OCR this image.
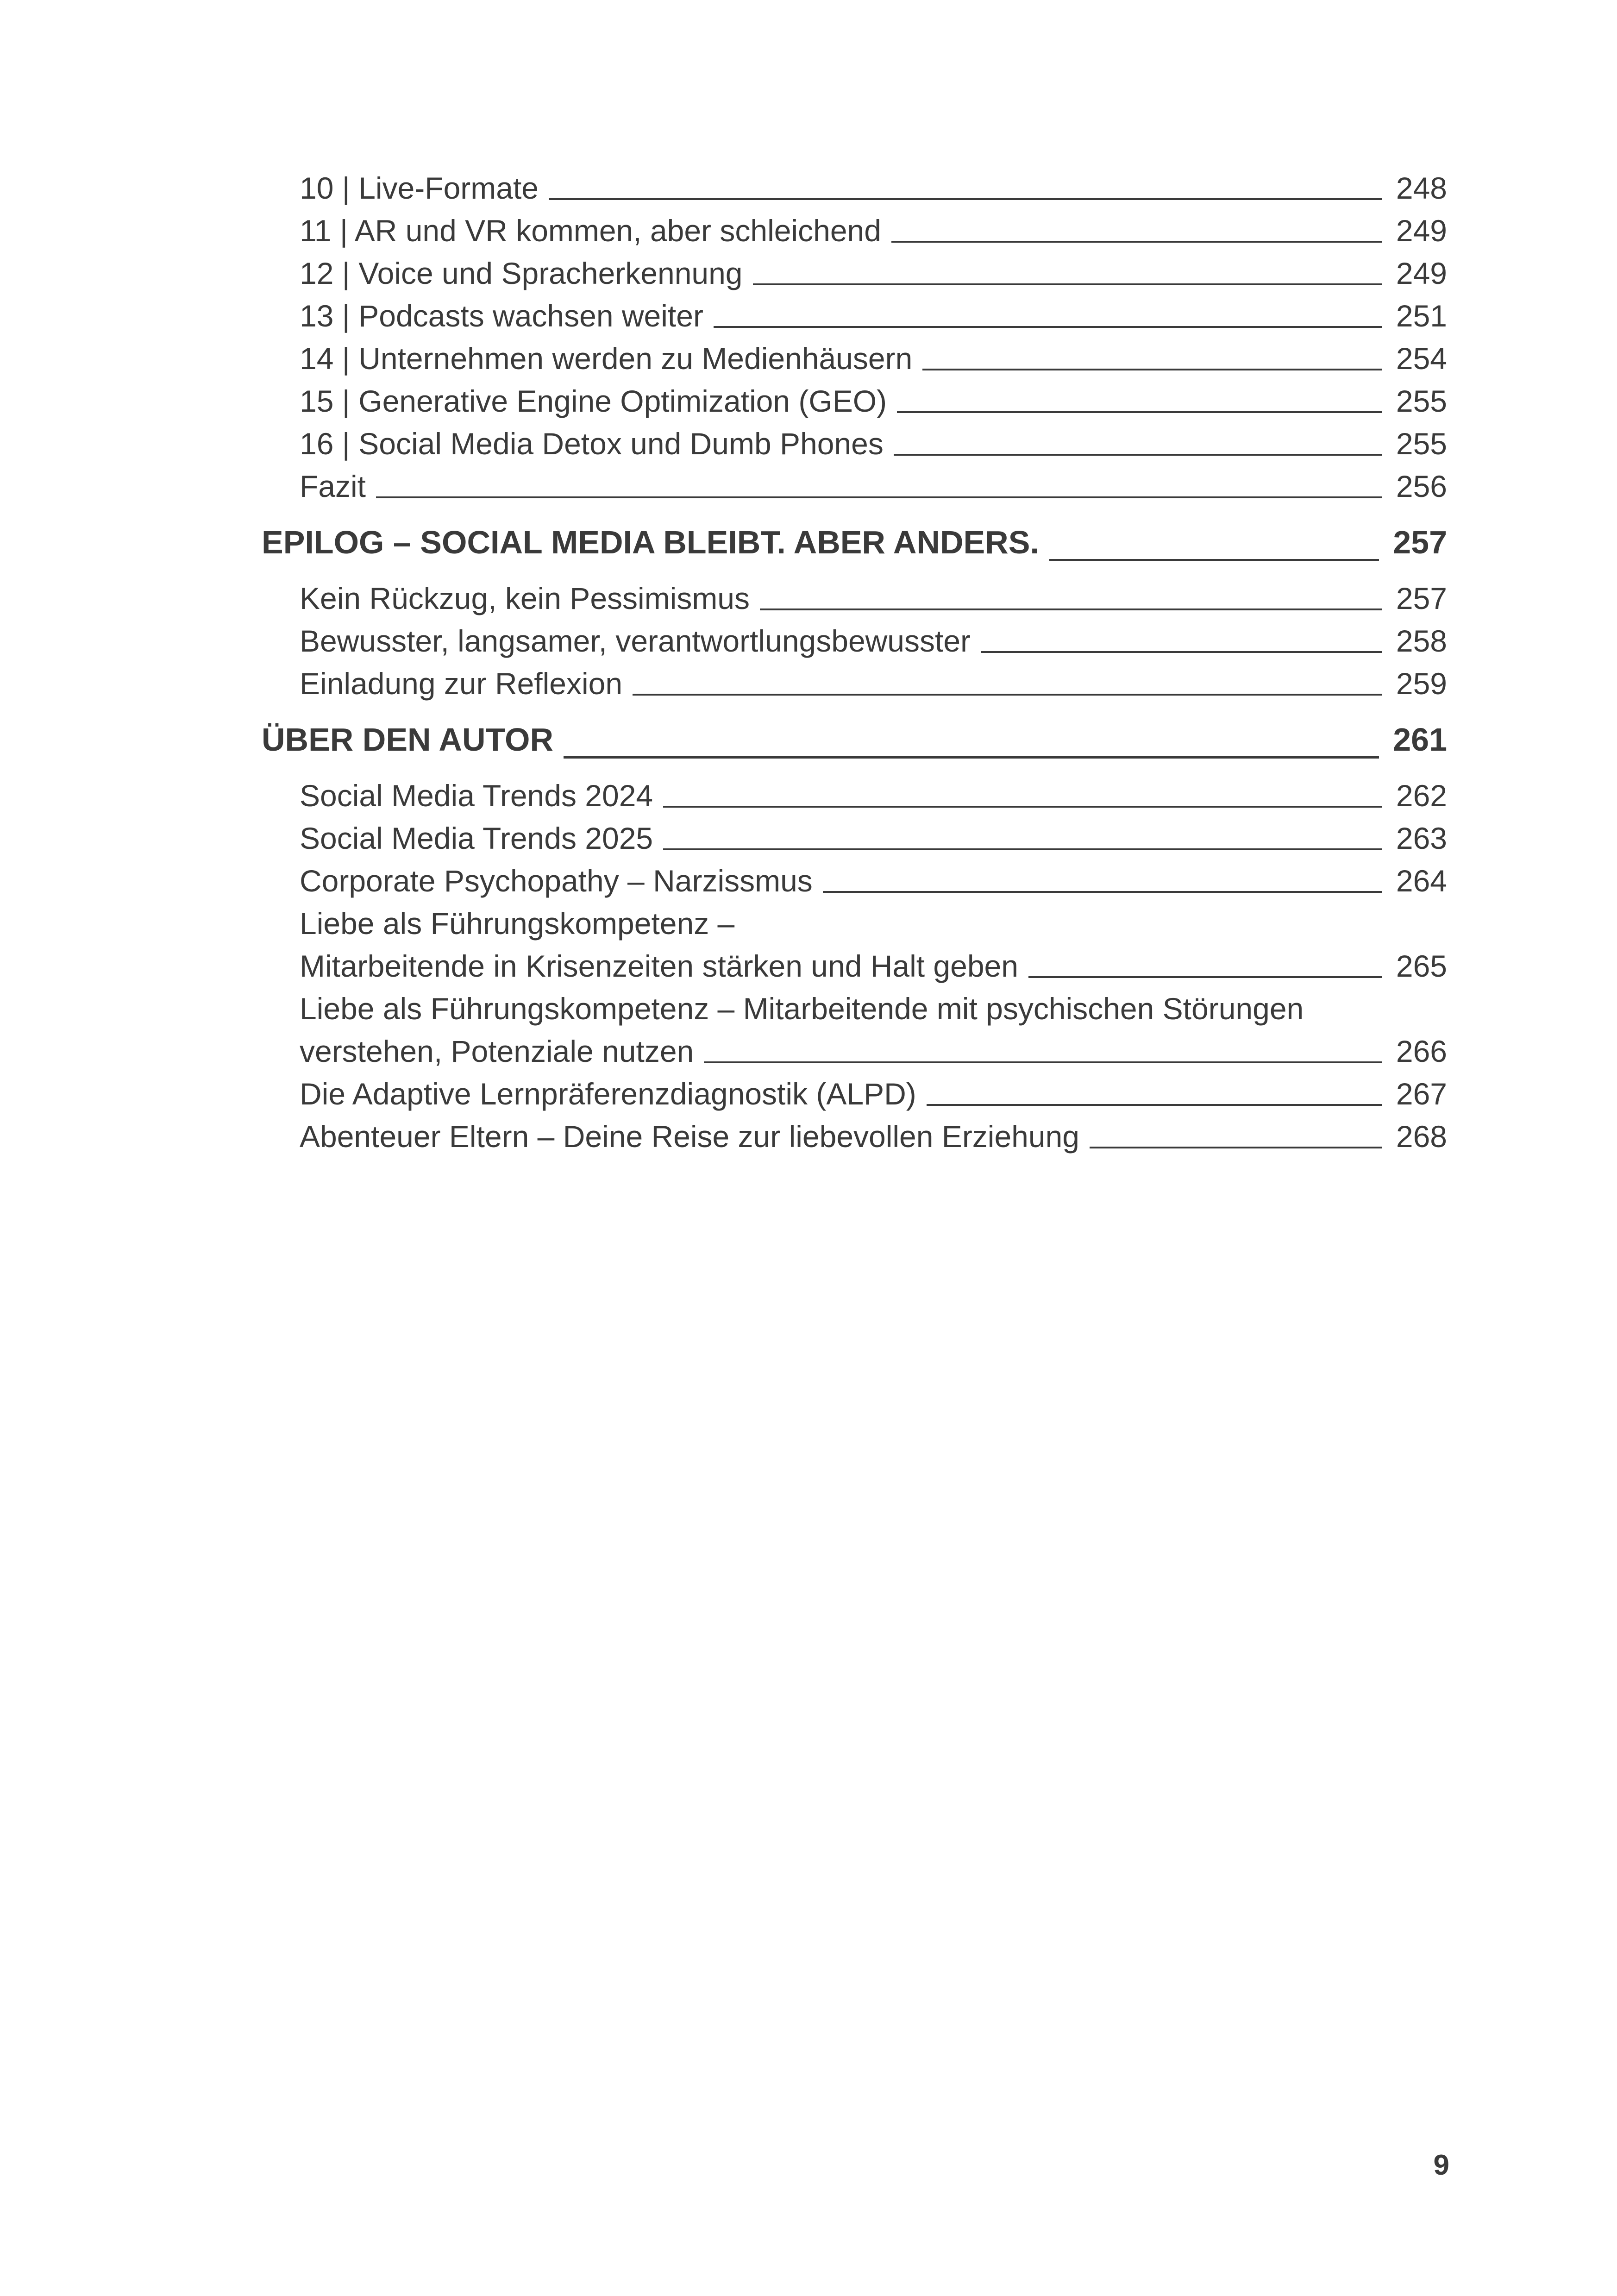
10 | Live-Formate	248
11 | AR und VR kommen, aber schleichend	249
12 | Voice und Spracherkennung	249
13 | Podcasts wachsen weiter	251
14 | Unternehmen werden zu Medienhäusern	254
15 | Generative Engine Optimization (GEO)	255
16 | Social Media Detox und Dumb Phones	255
Fazit	256
EPILOG – SOCIAL MEDIA BLEIBT. ABER ANDERS.	257
Kein Rückzug, kein Pessimismus	257
Bewusster, langsamer, verantwortlungsbewusster	258
Einladung zur Reflexion	259
ÜBER DEN AUTOR	261
Social Media Trends 2024	262
Social Media Trends 2025	263
Corporate Psychopathy – Narzissmus	264
Liebe als Führungskompetenz –
Mitarbeitende in Krisenzeiten stärken und Halt geben	265
Liebe als Führungskompetenz – Mitarbeitende mit psychischen Störungen
verstehen, Potenziale nutzen	266
Die Adaptive Lernpräferenzdiagnostik (ALPD)	267
Abenteuer Eltern – Deine Reise zur liebevollen Erziehung	268
9
